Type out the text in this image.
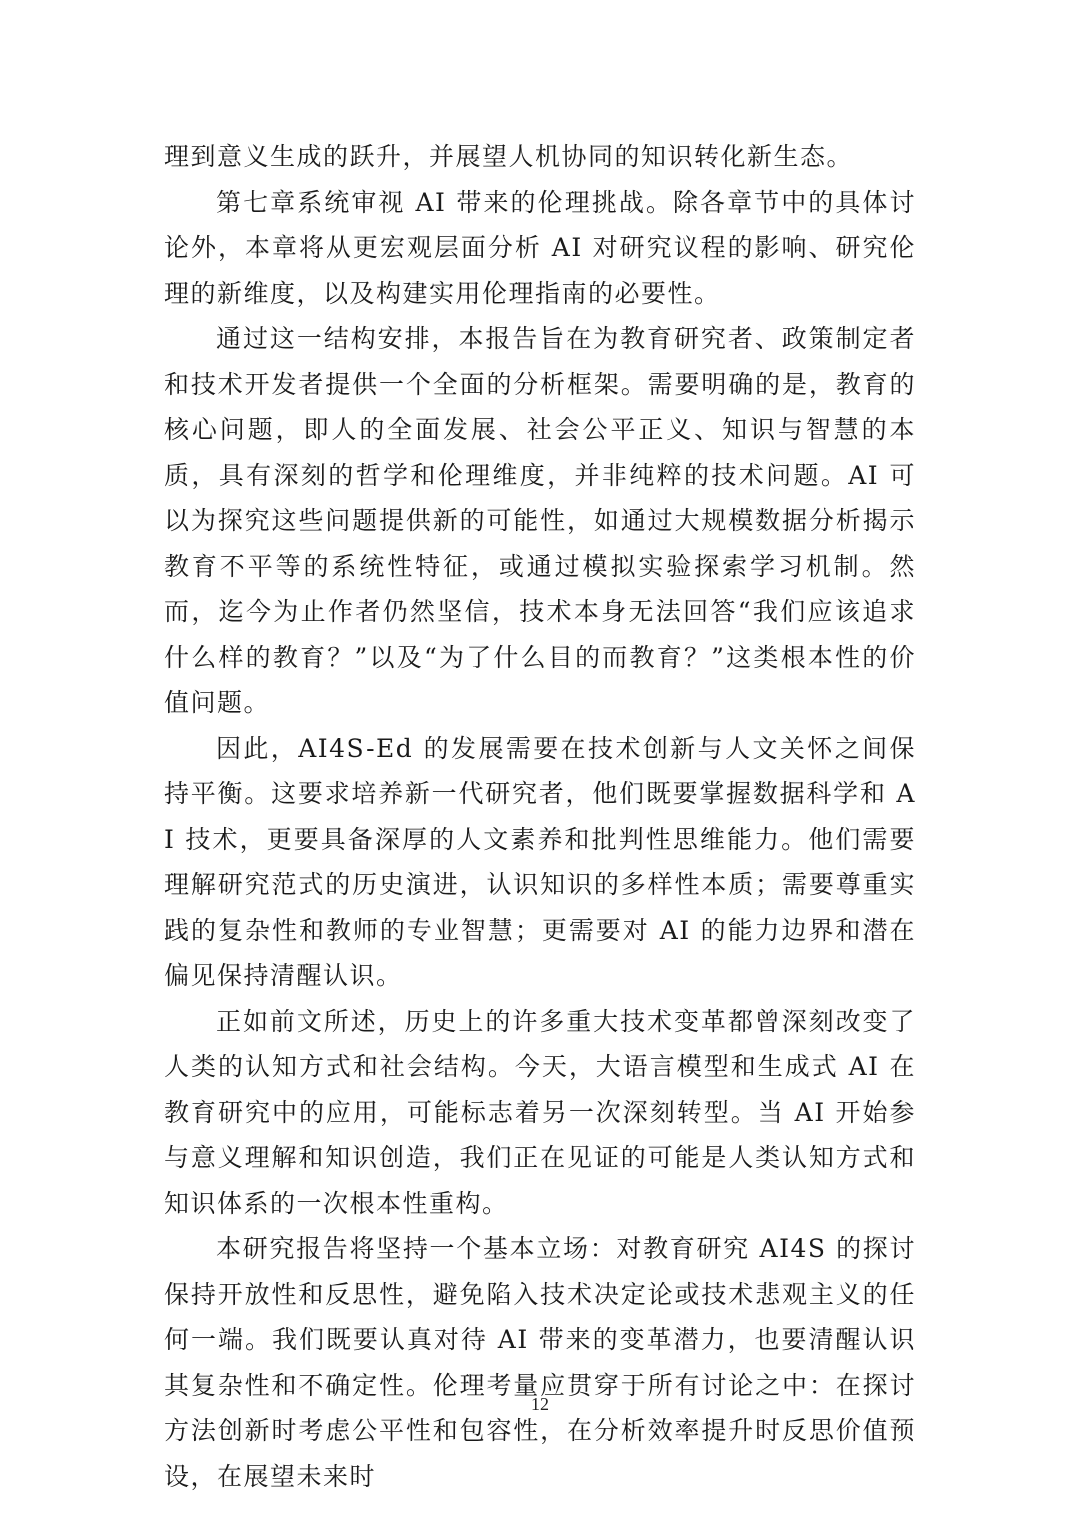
理到意义生成的跃升，并展望人机协同的知识转化新生态。

第七章系统审视 AI 带来的伦理挑战。除各章节中的具体讨论外，本章将从更宏观层面分析 AI 对研究议程的影响、研究伦理的新维度，以及构建实用伦理指南的必要性。

通过这一结构安排，本报告旨在为教育研究者、政策制定者和技术开发者提供一个全面的分析框架。需要明确的是，教育的核心问题，即人的全面发展、社会公平正义、知识与智慧的本质，具有深刻的哲学和伦理维度，并非纯粹的技术问题。AI 可以为探究这些问题提供新的可能性，如通过大规模数据分析揭示教育不平等的系统性特征，或通过模拟实验探索学习机制。然而，迄今为止作者仍然坚信，技术本身无法回答“我们应该追求什么样的教育？”以及“为了什么目的而教育？”这类根本性的价值问题。

因此，AI4S-Ed 的发展需要在技术创新与人文关怀之间保持平衡。这要求培养新一代研究者，他们既要掌握数据科学和 AI 技术，更要具备深厚的人文素养和批判性思维能力。他们需要理解研究范式的历史演进，认识知识的多样性本质；需要尊重实践的复杂性和教师的专业智慧；更需要对 AI 的能力边界和潜在偏见保持清醒认识。

正如前文所述，历史上的许多重大技术变革都曾深刻改变了人类的认知方式和社会结构。今天，大语言模型和生成式 AI 在教育研究中的应用，可能标志着另一次深刻转型。当 AI 开始参与意义理解和知识创造，我们正在见证的可能是人类认知方式和知识体系的一次根本性重构。

本研究报告将坚持一个基本立场：对教育研究 AI4S 的探讨保持开放性和反思性，避免陷入技术决定论或技术悲观主义的任何一端。我们既要认真对待 AI 带来的变革潜力，也要清醒认识其复杂性和不确定性。伦理考量应贯穿于所有讨论之中：在探讨方法创新时考虑公平性和包容性，在分析效率提升时反思价值预设，在展望未来时

12
